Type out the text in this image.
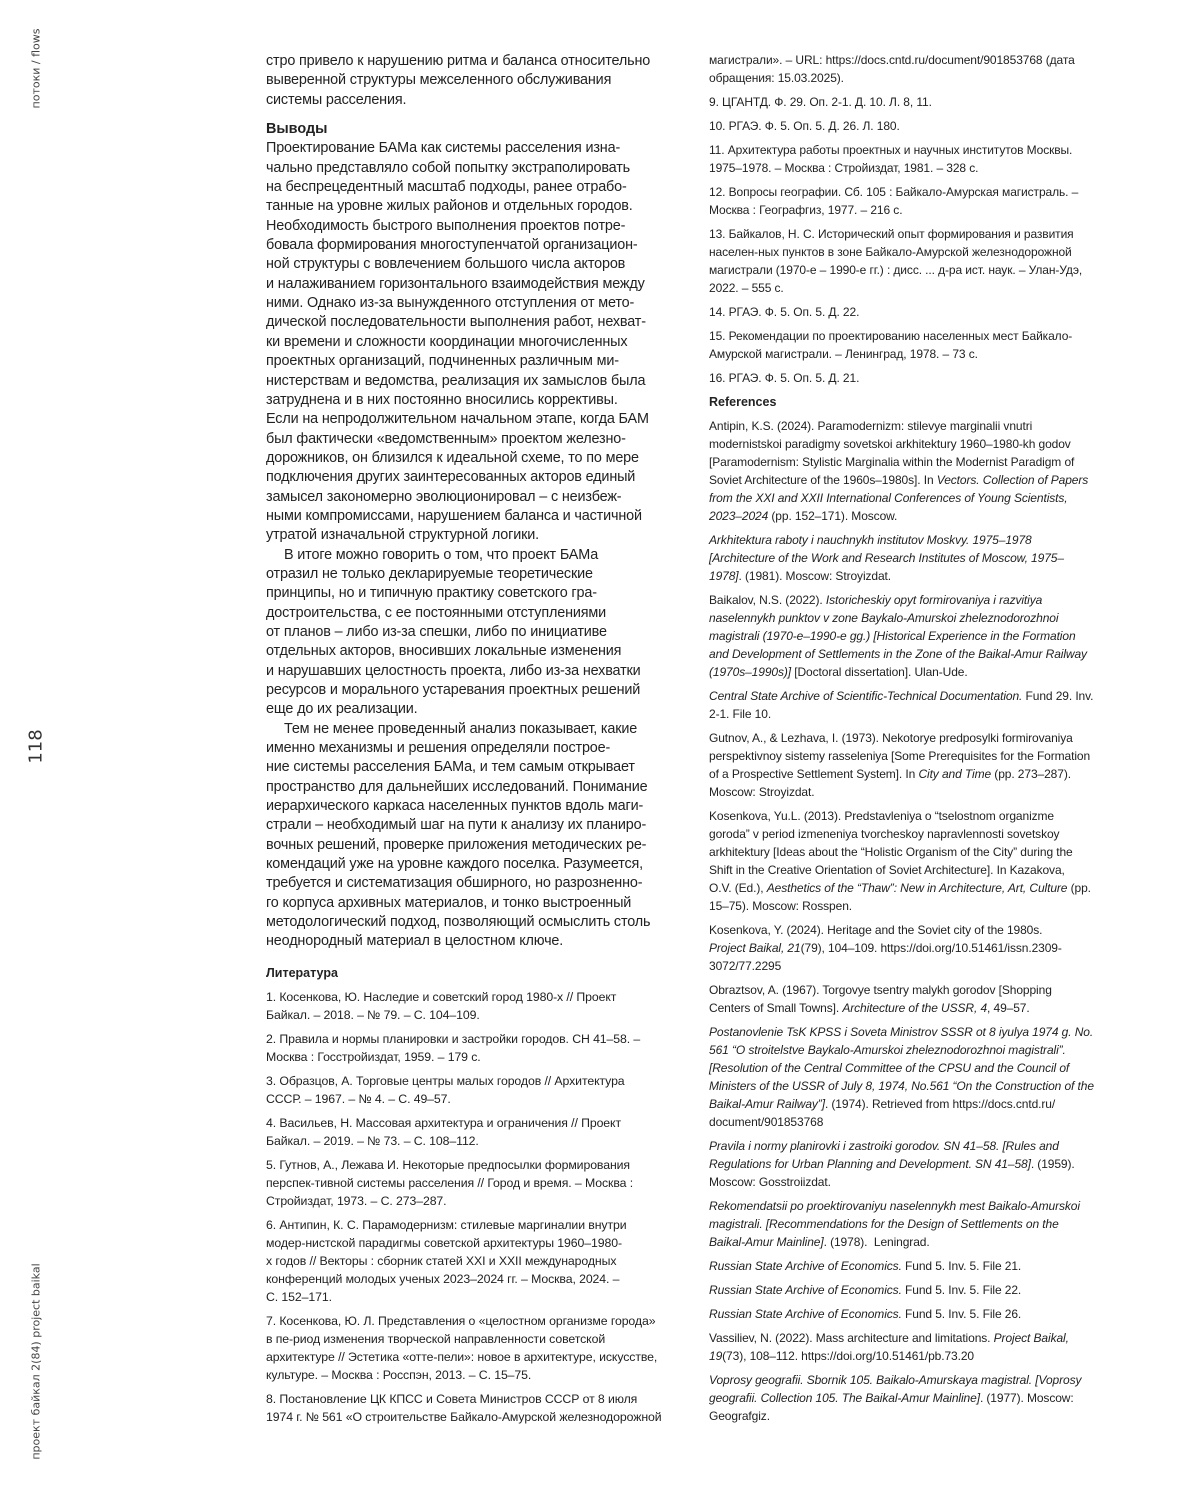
потоки / flows
118
проект байкал 2(84) project baikal

стро привело к нарушению ритма и баланса относительно
выверенной структуры межселенного обслуживания
системы расселения.

Выводы

Проектирование БАМа как системы расселения изна-
чально представляло собой попытку экстраполировать
на беспрецедентный масштаб подходы, ранее отрабо-
танные на уровне жилых районов и отдельных городов.
Необходимость быстрого выполнения проектов потре-
бовала формирования многоступенчатой организацион-
ной структуры с вовлечением большого числа акторов
и налаживанием горизонтального взаимодействия между
ними. Однако из-за вынужденного отступления от мето-
дической последовательности выполнения работ, нехват-
ки времени и сложности координации многочисленных
проектных организаций, подчиненных различным ми-
нистерствам и ведомства, реализация их замыслов была
затруднена и в них постоянно вносились коррективы.
Если на непродолжительном начальном этапе, когда БАМ
был фактически «ведомственным» проектом железно-
дорожников, он близился к идеальной схеме, то по мере
подключения других заинтересованных акторов единый
замысел закономерно эволюционировал – с неизбеж-
ными компромиссами, нарушением баланса и частичной
утратой изначальной структурной логики.

В итоге можно говорить о том, что проект БАМа
отразил не только декларируемые теоретические
принципы, но и типичную практику советского гра-
достроительства, с ее постоянными отступлениями
от планов – либо из-за спешки, либо по инициативе
отдельных акторов, вносивших локальные изменения
и нарушавших целостность проекта, либо из-за нехватки
ресурсов и морального устаревания проектных решений
еще до их реализации.

Тем не менее проведенный анализ показывает, какие
именно механизмы и решения определяли построе-
ние системы расселения БАМа, и тем самым открывает
пространство для дальнейших исследований. Понимание
иерархического каркаса населенных пунктов вдоль маги-
страли – необходимый шаг на пути к анализу их планиро-
вочных решений, проверке приложения методических ре-
комендаций уже на уровне каждого поселка. Разумеется,
требуется и систематизация обширного, но разрозненно-
го корпуса архивных материалов, и тонко выстроенный
методологический подход, позволяющий осмыслить столь
неоднородный материал в целостном ключе.

Литература
1. Косенкова, Ю. Наследие и советский город 1980-х // Проект
Байкал. – 2018. – № 79. – С. 104–109.
2. Правила и нормы планировки и застройки городов. СН 41–58. –
Москва : Госстройиздат, 1959. – 179 с.
3. Образцов, А. Торговые центры малых городов // Архитектура
СССР. – 1967. – № 4. – С. 49–57.
4. Васильев, Н. Массовая архитектура и ограничения // Проект
Байкал. – 2019. – № 73. – С. 108–112.
5. Гутнов, А., Лежава И. Некоторые предпосылки формирования
перспек-тивной системы расселения // Город и время. – Москва :
Стройиздат, 1973. – С. 273–287.
6. Антипин, К. С. Парамодернизм: стилевые маргиналии внутри
модер-нистской парадигмы советской архитектуры 1960–1980-
х годов // Векторы : сборник статей XXI и XXII международных
конференций молодых ученых 2023–2024 гг. – Москва, 2024. –
С. 152–171.
7. Косенкова, Ю. Л. Представления о «целостном организме города»
в пе-риод изменения творческой направленности советской
архитектуре // Эстетика «отте-пели»: новое в архитектуре, искусстве,
культуре. – Москва : Росспэн, 2013. – С. 15–75.
8. Постановление ЦК КПСС и Совета Министров СССР от 8 июля
1974 г. № 561 «О строительстве Байкало-Амурской железнодорожной
магистрали». – URL: https://docs.cntd.ru/document/901853768 (дата
обращения: 15.03.2025).
9. ЦГАНТД. Ф. 29. Оп. 2-1. Д. 10. Л. 8, 11.
10. РГАЭ. Ф. 5. Оп. 5. Д. 26. Л. 180.
11. Архитектура работы проектных и научных институтов Москвы.
1975–1978. – Москва : Стройиздат, 1981. – 328 с.
12. Вопросы географии. Сб. 105 : Байкало-Амурская магистраль. –
Москва : Географгиз, 1977. – 216 с.
13. Байкалов, Н. С. Исторический опыт формирования и развития
населен-ных пунктов в зоне Байкало-Амурской железнодорожной
магистрали (1970-е – 1990-е гг.) : дисс. ... д-ра ист. наук. – Улан-Удэ,
2022. – 555 с.
14. РГАЭ. Ф. 5. Оп. 5. Д. 22.
15. Рекомендации по проектированию населенных мест Байкало-
Амурской магистрали. – Ленинград, 1978. – 73 с.
16. РГАЭ. Ф. 5. Оп. 5. Д. 21.
References
Antipin, K.S. (2024). Paramodernizm: stilevye marginalii vnutri
modernistskoi paradigmy sovetskoi arkhitektury 1960–1980-kh godov
[Paramodernism: Stylistic Marginalia within the Modernist Paradigm of
Soviet Architecture of the 1960s–1980s]. In Vectors. Collection of Papers
from the XXI and XXII International Conferences of Young Scientists,
2023–2024 (pp. 152–171). Moscow.
Arkhitektura raboty i nauchnykh institutov Moskvy. 1975–1978
[Architecture of the Work and Research Institutes of Moscow, 1975–
1978]. (1981). Moscow: Stroyizdat.
Baikalov, N.S. (2022). Istoricheskiy opyt formirovaniya i razvitiya
naselennykh punktov v zone Baykalo-Amurskoi zheleznodorozhnoi
magistrali (1970-e–1990-e gg.) [Historical Experience in the Formation
and Development of Settlements in the Zone of the Baikal-Amur Railway
(1970s–1990s)] [Doctoral dissertation]. Ulan-Ude.
Central State Archive of Scientific-Technical Documentation. Fund 29. Inv.
2-1. File 10.
Gutnov, A., & Lezhava, I. (1973). Nekotorye predposylki formirovaniya
perspektivnoy sistemy rasseleniya [Some Prerequisites for the Formation
of a Prospective Settlement System]. In City and Time (pp. 273–287).
Moscow: Stroyizdat.
Kosenkova, Yu.L. (2013). Predstavleniya o “tselostnom organizme
goroda” v period izmeneniya tvorcheskoy napravlennosti sovetskoy
arkhitektury [Ideas about the “Holistic Organism of the City” during the
Shift in the Creative Orientation of Soviet Architecture]. In Kazakova,
O.V. (Ed.), Aesthetics of the “Thaw”: New in Architecture, Art, Culture (pp.
15–75). Moscow: Rosspen.
Kosenkova, Y. (2024). Heritage and the Soviet city of the 1980s.
Project Baikal, 21(79), 104–109. https://doi.org/10.51461/issn.2309-
3072/77.2295
Obraztsov, A. (1967). Torgovye tsentry malykh gorodov [Shopping
Centers of Small Towns]. Architecture of the USSR, 4, 49–57.
Postanovlenie TsK KPSS i Soveta Ministrov SSSR ot 8 iyulya 1974 g. No.
561 “O stroitelstve Baykalo-Amurskoi zheleznodorozhnoi magistrali”.
[Resolution of the Central Committee of the CPSU and the Council of
Ministers of the USSR of July 8, 1974, No.561 “On the Construction of the
Baikal-Amur Railway”]. (1974). Retrieved from https://docs.cntd.ru/
document/901853768
Pravila i normy planirovki i zastroiki gorodov. SN 41–58. [Rules and
Regulations for Urban Planning and Development. SN 41–58]. (1959).
Moscow: Gosstroiizdat.
Rekomendatsii po proektirovaniyu naselennykh mest Baikalo-Amurskoi
magistrali. [Recommendations for the Design of Settlements on the
Baikal-Amur Mainline]. (1978).  Leningrad.
Russian State Archive of Economics. Fund 5. Inv. 5. File 21.
Russian State Archive of Economics. Fund 5. Inv. 5. File 22.
Russian State Archive of Economics. Fund 5. Inv. 5. File 26.
Vassiliev, N. (2022). Mass architecture and limitations. Project Baikal,
19(73), 108–112. https://doi.org/10.51461/pb.73.20
Voprosy geografii. Sbornik 105. Baikalo-Amurskaya magistral. [Voprosy
geografii. Collection 105. The Baikal-Amur Mainline]. (1977). Moscow:
Geografgiz.
